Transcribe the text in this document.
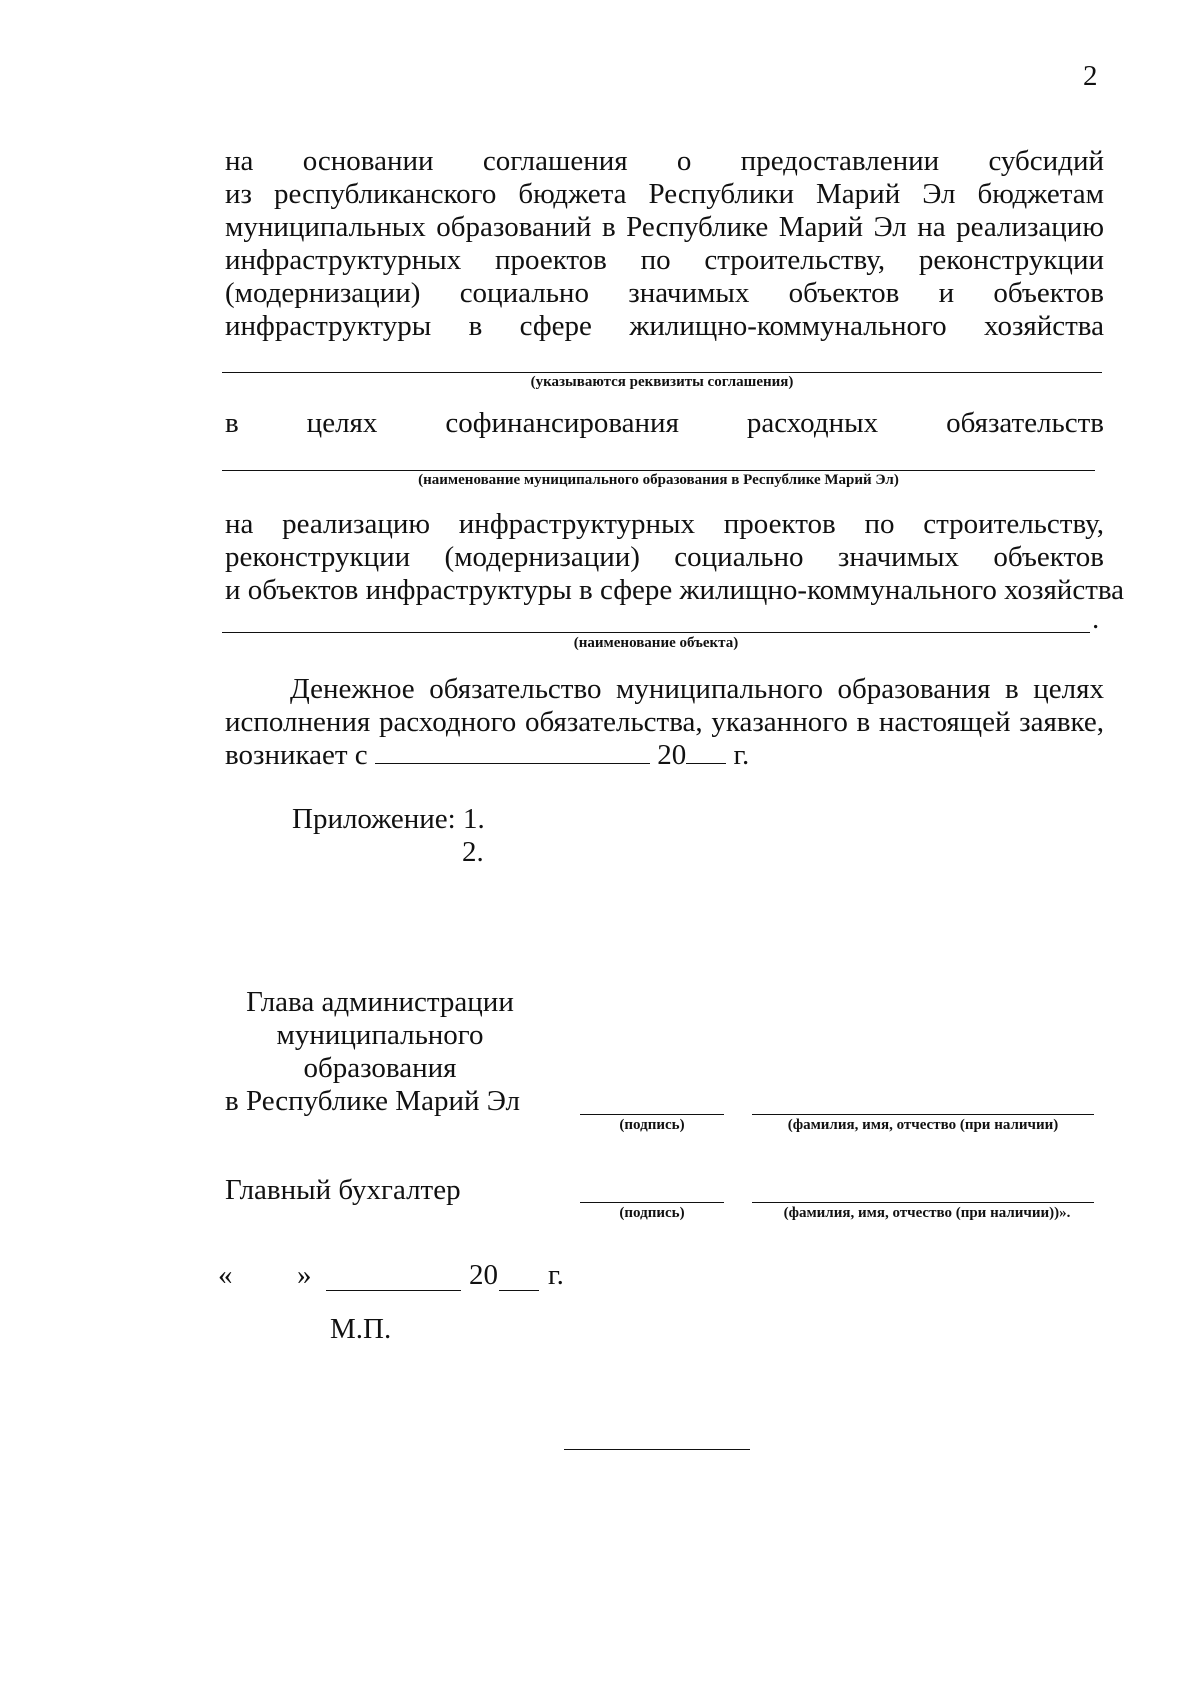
2
на основании соглашения о предоставлении субсидий
из республиканского бюджета Республики Марий Эл бюджетам
муниципальных образований в Республике Марий Эл на реализацию
инфраструктурных проектов по строительству, реконструкции
(модернизации) социально значимых объектов и объектов
инфраструктуры в сфере жилищно-коммунального хозяйства
(указываются реквизиты соглашения)
в целях софинансирования расходных обязательств
(наименование муниципального образования в Республике Марий Эл)
на реализацию инфраструктурных проектов по строительству,
реконструкции (модернизации) социально значимых объектов
и объектов инфраструктуры в сфере жилищно-коммунального хозяйства
.
(наименование объекта)
Денежное обязательство муниципального образования в целях
исполнения расходного обязательства, указанного в настоящей заявке,
возникает с	20 г.
Приложение: 1.
2.
Глава администрации
муниципального
образования
в Республике Марий Эл
(подпись)	(фамилия, имя, отчество (при наличии)
Главный бухгалтер
(подпись)	(фамилия, имя, отчество (при наличии))».
« »	20 г.
М.П.
